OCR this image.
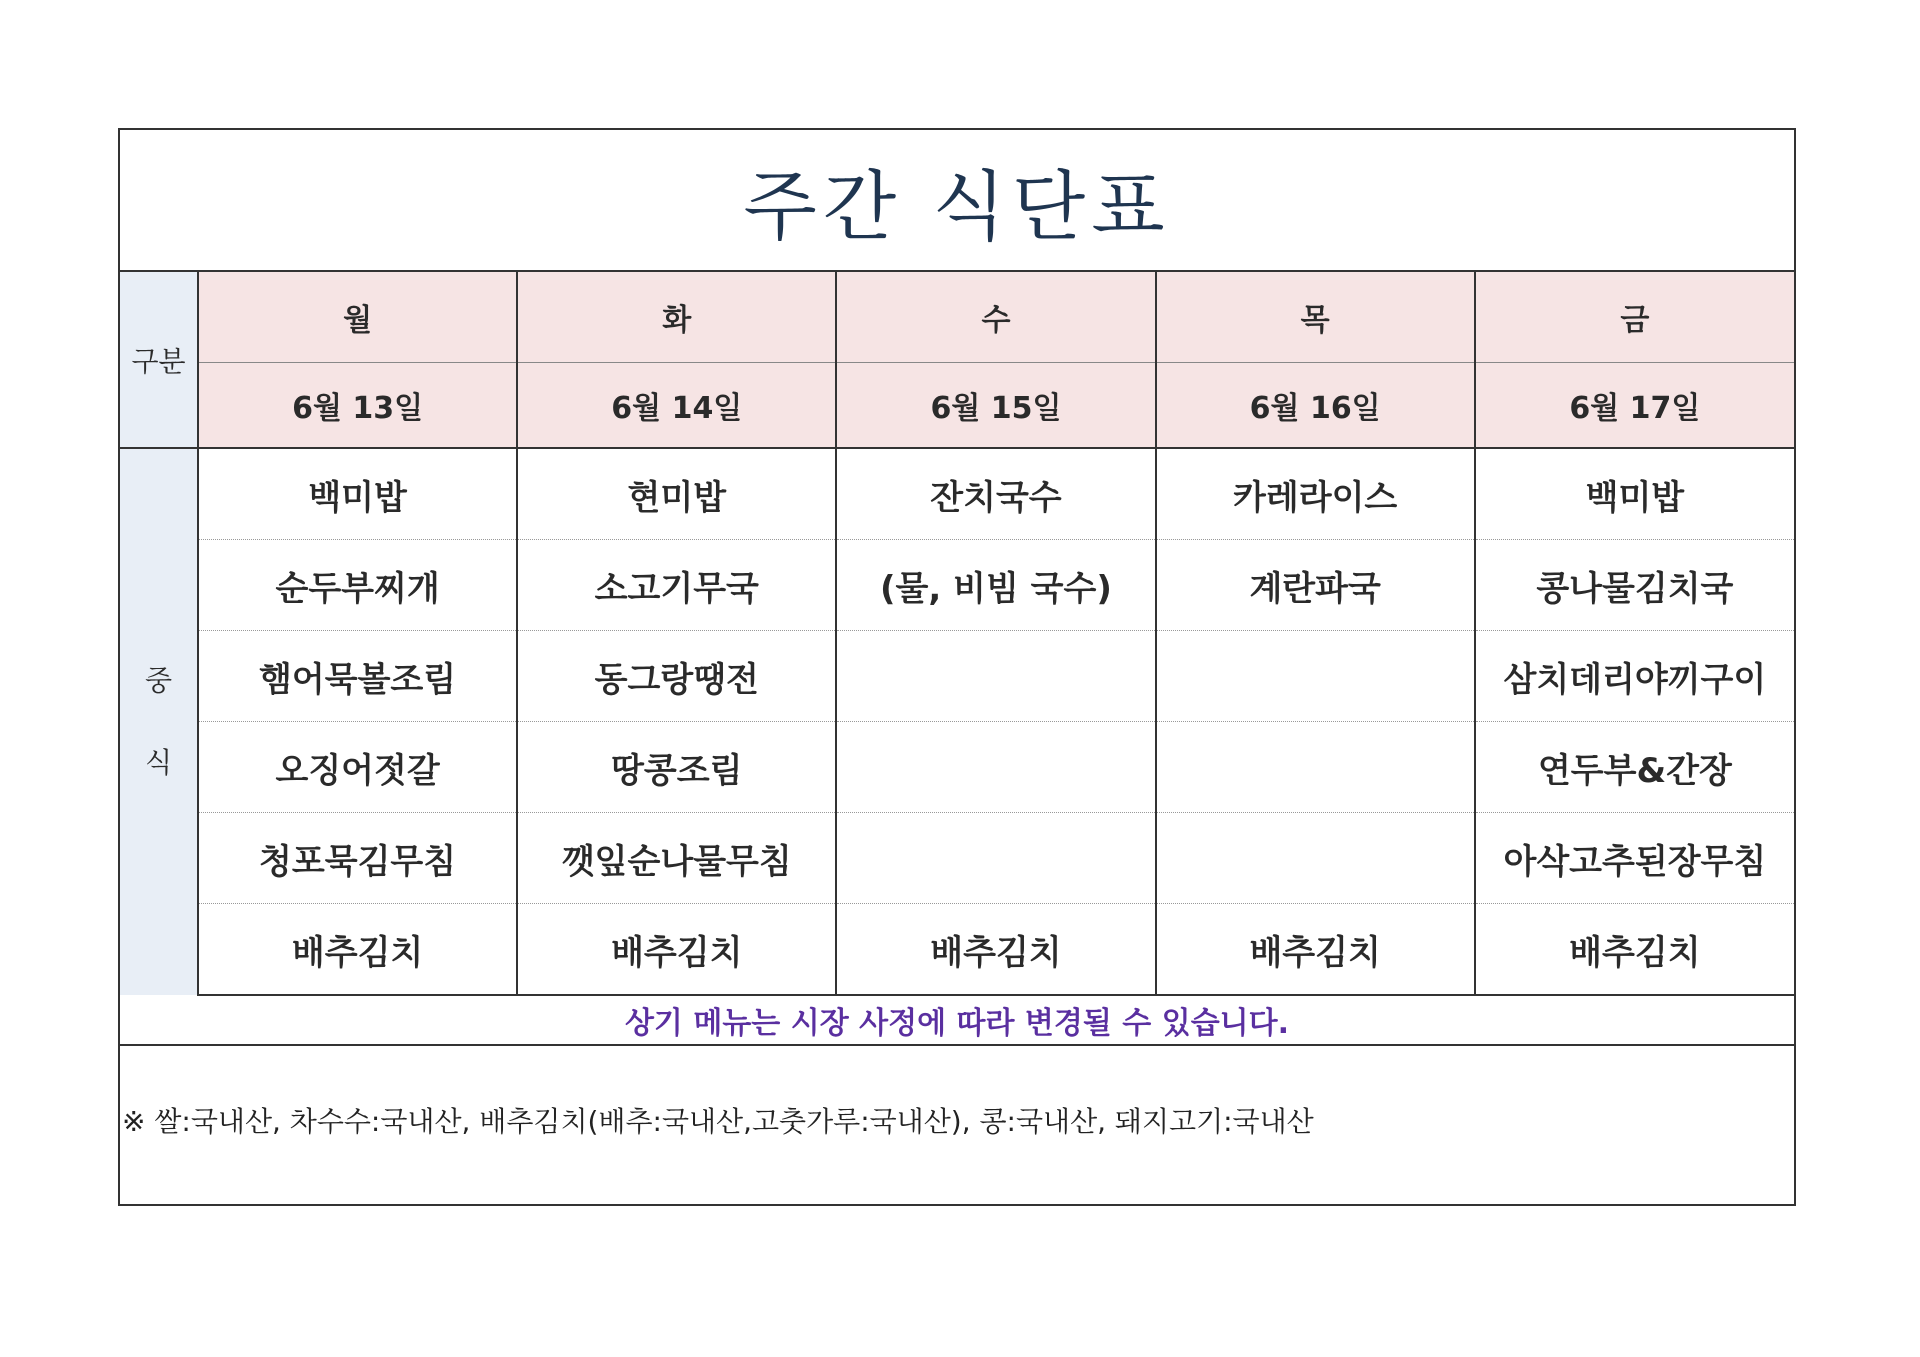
주간 식단표
구분	월	화	수	목	금
	6월 13일	6월 14일	6월 15일	6월 16일	6월 17일

중
식	백미밥	현미밥	잔치국수	카레라이스	백미밥
	순두부찌개	소고기무국	(물, 비빔 국수)	계란파국	콩나물김치국
	햄어묵볼조림	동그랑땡전			삼치데리야끼구이
	오징어젓갈	땅콩조림			연두부&간장
	청포묵김무침	깻잎순나물무침			아삭고추된장무침
	배추김치	배추김치	배추김치	배추김치	배추김치
상기 메뉴는 시장 사정에 따라 변경될 수 있습니다.
※ 쌀:국내산, 차수수:국내산, 배추김치(배추:국내산,고춧가루:국내산), 콩:국내산, 돼지고기:국내산
